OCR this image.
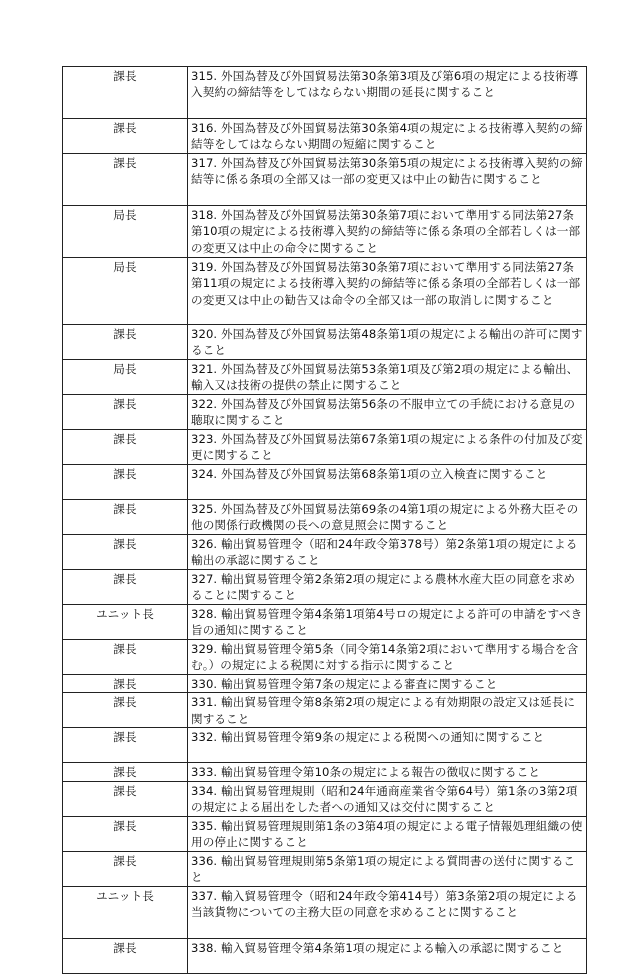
課長	315. 外国為替及び外国貿易法第30条第3項及び第6項の規定による技術導入契約の締結等をしてはならない期間の延長に関すること
課長	316. 外国為替及び外国貿易法第30条第4項の規定による技術導入契約の締結等をしてはならない期間の短縮に関すること
課長	317. 外国為替及び外国貿易法第30条第5項の規定による技術導入契約の締結等に係る条項の全部又は一部の変更又は中止の勧告に関すること
局長	318. 外国為替及び外国貿易法第30条第7項において準用する同法第27条第10項の規定による技術導入契約の締結等に係る条項の全部若しくは一部の変更又は中止の命令に関すること
局長	319. 外国為替及び外国貿易法第30条第7項において準用する同法第27条第11項の規定による技術導入契約の締結等に係る条項の全部若しくは一部の変更又は中止の勧告又は命令の全部又は一部の取消しに関すること
課長	320. 外国為替及び外国貿易法第48条第1項の規定による輸出の許可に関すること
局長	321. 外国為替及び外国貿易法第53条第1項及び第2項の規定による輸出、輸入又は技術の提供の禁止に関すること
課長	322. 外国為替及び外国貿易法第56条の不服申立ての手続における意見の聴取に関すること
課長	323. 外国為替及び外国貿易法第67条第1項の規定による条件の付加及び変更に関すること
課長	324. 外国為替及び外国貿易法第68条第1項の立入検査に関すること
課長	325. 外国為替及び外国貿易法第69条の4第1項の規定による外務大臣その他の関係行政機関の長への意見照会に関すること
課長	326. 輸出貿易管理令（昭和24年政令第378号）第2条第1項の規定による輸出の承認に関すること
課長	327. 輸出貿易管理令第2条第2項の規定による農林水産大臣の同意を求めることに関すること
ユニット長	328. 輸出貿易管理令第4条第1項第4号ロの規定による許可の申請をすべき旨の通知に関すること
課長	329. 輸出貿易管理令第5条（同令第14条第2項において準用する場合を含む。）の規定による税関に対する指示に関すること
課長	330. 輸出貿易管理令第7条の規定による審査に関すること
課長	331. 輸出貿易管理令第8条第2項の規定による有効期限の設定又は延長に関すること
課長	332. 輸出貿易管理令第9条の規定による税関への通知に関すること
課長	333. 輸出貿易管理令第10条の規定による報告の徴収に関すること
課長	334. 輸出貿易管理規則（昭和24年通商産業省令第64号）第1条の3第2項の規定による届出をした者への通知又は交付に関すること
課長	335. 輸出貿易管理規則第1条の3第4項の規定による電子情報処理組織の使用の停止に関すること
課長	336. 輸出貿易管理規則第5条第1項の規定による質問書の送付に関すること
ユニット長	337. 輸入貿易管理令（昭和24年政令第414号）第3条第2項の規定による当該貨物についての主務大臣の同意を求めることに関すること
課長	338. 輸入貿易管理令第4条第1項の規定による輸入の承認に関すること
